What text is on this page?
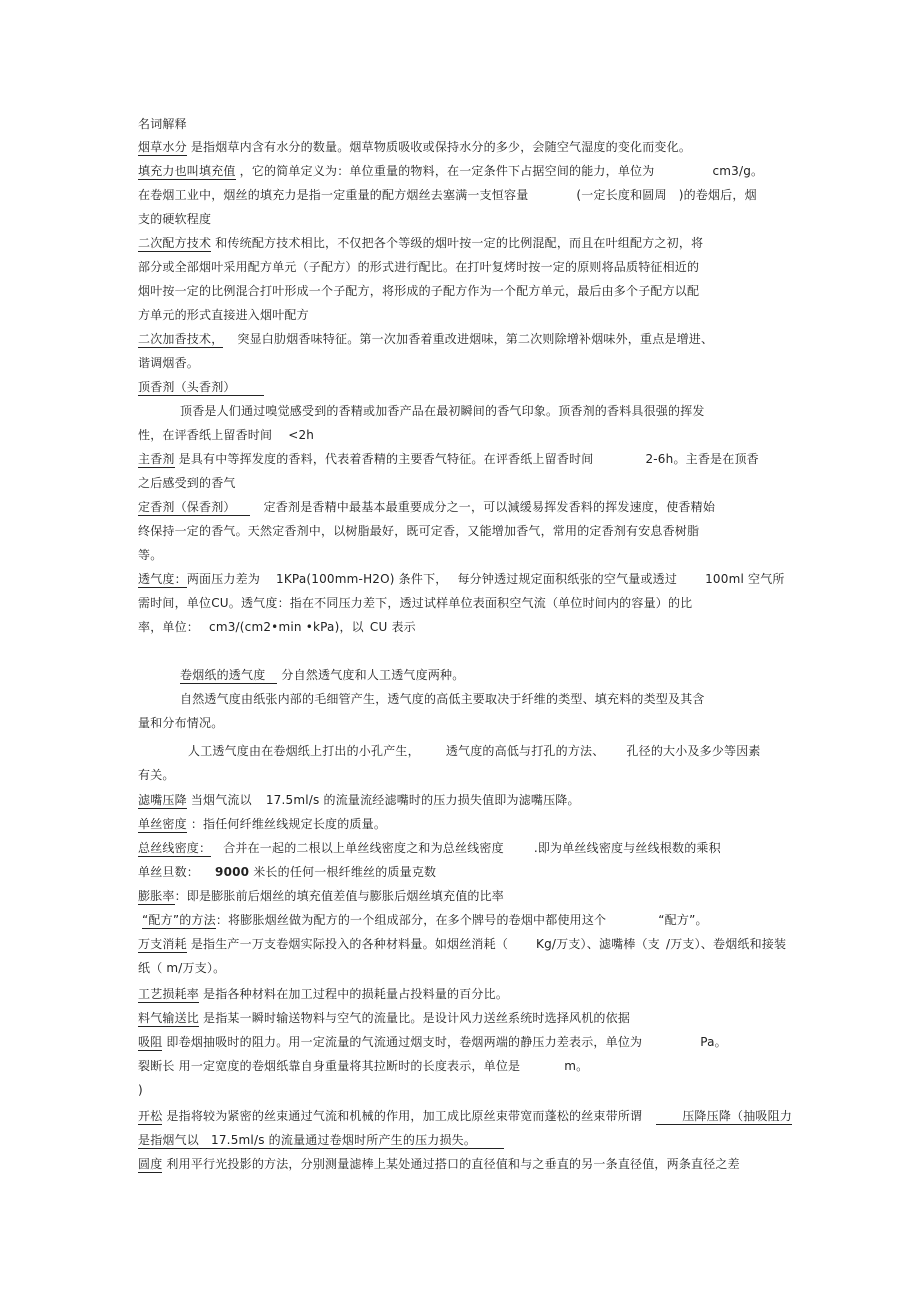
名词解释
烟草水分 是指烟草内含有水分的数量。烟草物质吸收或保持水分的多少，会随空气湿度的变化而变化。
填充力也叫填充值 ，它的简单定义为：单位重量的物料，在一定条件下占据空间的能力，单位为	cm3/g。
在卷烟工业中，烟丝的填充力是指一定重量的配方烟丝去塞满一支恒容量	(一定长度和圆周 )的卷烟后，烟
支的硬软程度
二次配方技术 和传统配方技术相比，不仅把各个等级的烟叶按一定的比例混配，而且在叶组配方之初，将
部分或全部烟叶采用配方单元（子配方）的形式进行配比。在打叶复烤时按一定的原则将品质特征相近的
烟叶按一定的比例混合打叶形成一个子配方，将形成的子配方作为一个配方单元，最后由多个子配方以配
方单元的形式直接进入烟叶配方
二次加香技术， 突显白肋烟香味特征。第一次加香着重改进烟味，第二次则除增补烟味外，重点是增进、
谐调烟香。
顶香剂（头香剂）
顶香是人们通过嗅觉感受到的香精或加香产品在最初瞬间的香气印象。顶香剂的香料具很强的挥发
性，在评香纸上留香时间 <2h
主香剂 是具有中等挥发度的香料，代表着香精的主要香气特征。在评香纸上留香时间	2-6h。主香是在顶香
之后感受到的香气
定香剂（保香剂） 定香剂是香精中最基本最重要成分之一，可以減缓易挥发香料的挥发速度，使香精始
终保持一定的香气。天然定香剂中，以树脂最好，既可定香，又能增加香气，常用的定香剂有安息香树脂
等。
透气度：两面压力差为 1KPa(100mm-H2O) 条件下， 每分钟透过规定面积纸张的空气量或透过 100ml 空气所
需时间，单位CU。透气度：指在不同压力差下，透过试样单位表面积空气流（单位时间内的容量）的比
率，单位： cm3/(cm2•min •kPa)，以 CU 表示
卷烟纸的透气度 分自然透气度和人工透气度两种。
自然透气度由纸张内部的毛细管产生，透气度的高低主要取决于纤维的类型、填充料的类型及其含
量和分布情况。
人工透气度由在卷烟纸上打出的小孔产生， 透气度的高低与打孔的方法、 孔径的大小及多少等因素
有关。
滤嘴压降 当烟气流以 17.5ml/s 的流量流经滤嘴时的压力损失值即为滤嘴压降。
单丝密度 ：指任何纤维丝线规定长度的质量。
总丝线密度： 合并在一起的二根以上单丝线密度之和为总丝线密度	.即为单丝线密度与丝线根数的乘积
单丝旦数： 9000 米长的任何一根纤维丝的质量克数
膨胀率：即是膨胀前后烟丝的填充值差值与膨胀后烟丝填充值的比率
“配方”的方法：将膨胀烟丝做为配方的一个组成部分，在多个牌号的卷烟中都使用这个	“配方”。
万支消耗 是指生产一万支卷烟实际投入的各种材料量。如烟丝消耗（ Kg/万支）、滤嘴棒（支 /万支）、卷烟纸和接装
纸（ m/万支）。
工艺损耗率 是指各种材料在加工过程中的损耗量占投料量的百分比。
料气输送比 是指某一瞬时输送物料与空气的流量比。是设计风力送丝系统时选择风机的依据
吸阻 即卷烟抽吸时的阻力。用一定流量的气流通过烟支时，卷烟两端的静压力差表示，单位为	Pa。
裂断长 用一定宽度的卷烟纸靠自身重量将其拉断时的长度表示，单位是	m。
)
开松 是指将较为紧密的丝束通过气流和机械的作用，加工成比原丝束带宽而蓬松的丝束带所谓	压降压降（抽吸阻力
是指烟气以 17.5ml/s 的流量通过卷烟时所产生的压力损失。
圆度 利用平行光投影的方法，分别测量滤棒上某处通过搭口的直径值和与之垂直的另一条直径值，两条直径之差
